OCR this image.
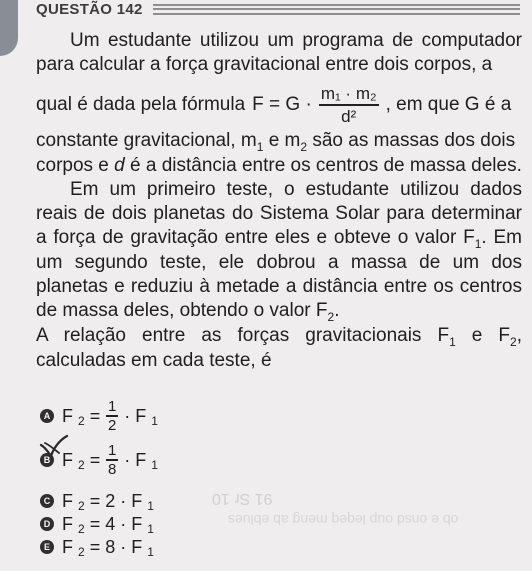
QUESTÃO 142

Um estudante utilizou um programa de computador para calcular a força gravitacional entre dois corpos, a

qual é dada pela fórmula $F = G \cdot \frac{\text{m₁ · m₂}}{\text{d²}}$ , em que G é a

constante gravitacional, $m_1$ e $m_2$ são as massas dos dois

corpos e d é a distância entre os centros de massa deles.

Em um primeiro teste, o estudante utilizou dados reais de dois planetas do Sistema Solar para determinar a força de gravitação entre eles e obteve o valor $F_1$. Em um segundo teste, ele dobrou a massa de um dos planetas e reduziu à metade a distância entre os centros de massa deles, obtendo o valor $F_2$.

A relação entre as forças gravitacionais $F_1$ e $F_2$, calculadas em cada teste, é

A F $2 = \frac{1}{2} \cdot F$ 1
B F $2 = \frac{1}{8} \cdot F$ 1
C F 2 = 2 · F 1
D F 2 = 4 · F 1
E F 2 = 8 · F 1
91 Sr 10
ob e onsd oup leqeq meng ab eblues
